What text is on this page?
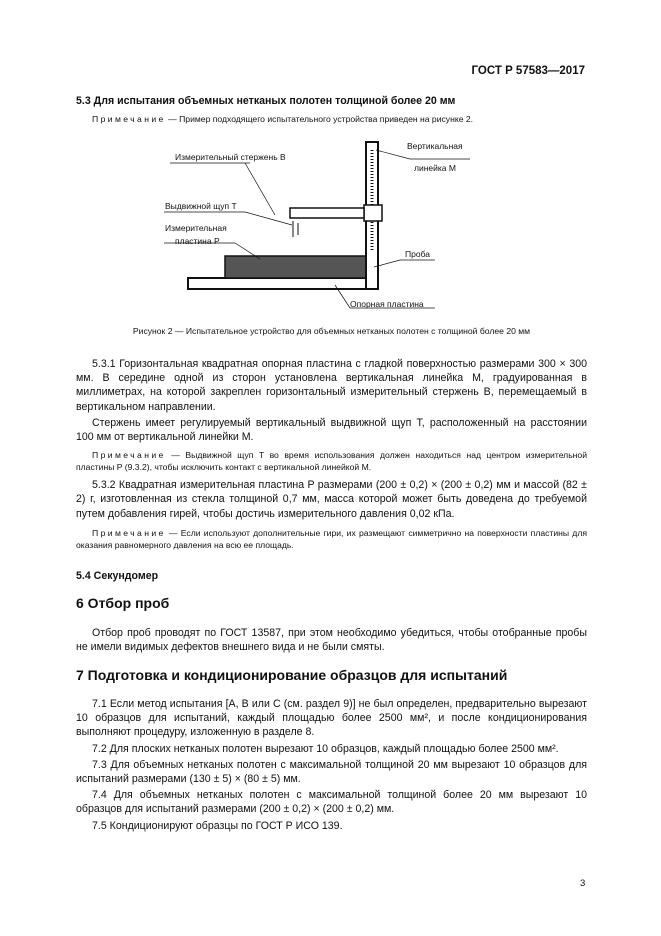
ГОСТ Р 57583—2017
5.3 Для испытания объемных нетканых полотен толщиной более 20 мм
Примечание — Пример подходящего испытательного устройства приведен на рисунке 2.
Измерительный стержень B
Вертикальная
линейка M
Выдвижной щуп T
Измерительная
пластина P
Проба
Опорная пластина
Рисунок 2 — Испытательное устройство для объемных нетканых полотен с толщиной более 20 мм

5.3.1 Горизонтальная квадратная опорная пластина с гладкой поверхностью размерами 300 × 300 мм. В середине одной из сторон установлена вертикальная линейка M, градуированная в миллиметрах, на которой закреплен горизонтальный измерительный стержень B, перемещаемый в вертикальном направлении.

Стержень имеет регулируемый вертикальный выдвижной щуп T, расположенный на расстоянии 100 мм от вертикальной линейки M.

Примечание — Выдвижной щуп T во время использования должен находиться над центром измерительной пластины P (9.3.2), чтобы исключить контакт с вертикальной линейкой M.

5.3.2 Квадратная измерительная пластина P размерами (200 ± 0,2) × (200 ± 0,2) мм и массой (82 ± 2) г, изготовленная из стекла толщиной 0,7 мм, масса которой может быть доведена до требуемой путем добавления гирей, чтобы достичь измерительного давления 0,02 кПа.

Примечание — Если используют дополнительные гири, их размещают симметрично на поверхности пластины для оказания равномерного давления на всю ее площадь.
5.4 Секундомер
6 Отбор проб

Отбор проб проводят по ГОСТ 13587, при этом необходимо убедиться, чтобы отобранные пробы не имели видимых дефектов внешнего вида и не были смяты.

7 Подготовка и кондиционирование образцов для испытаний

7.1 Если метод испытания [A, B или C (см. раздел 9)] не был определен, предварительно вырезают 10 образцов для испытаний, каждый площадью более 2500 мм², и после кондиционирования выполняют процедуру, изложенную в разделе 8.

7.2 Для плоских нетканых полотен вырезают 10 образцов, каждый площадью более 2500 мм².

7.3 Для объемных нетканых полотен с максимальной толщиной 20 мм вырезают 10 образцов для испытаний размерами (130 ± 5) × (80 ± 5) мм.

7.4 Для объемных нетканых полотен с максимальной толщиной более 20 мм вырезают 10 образцов для испытаний размерами (200 ± 0,2) × (200 ± 0,2) мм.

7.5 Кондиционируют образцы по ГОСТ Р ИСО 139.

3
